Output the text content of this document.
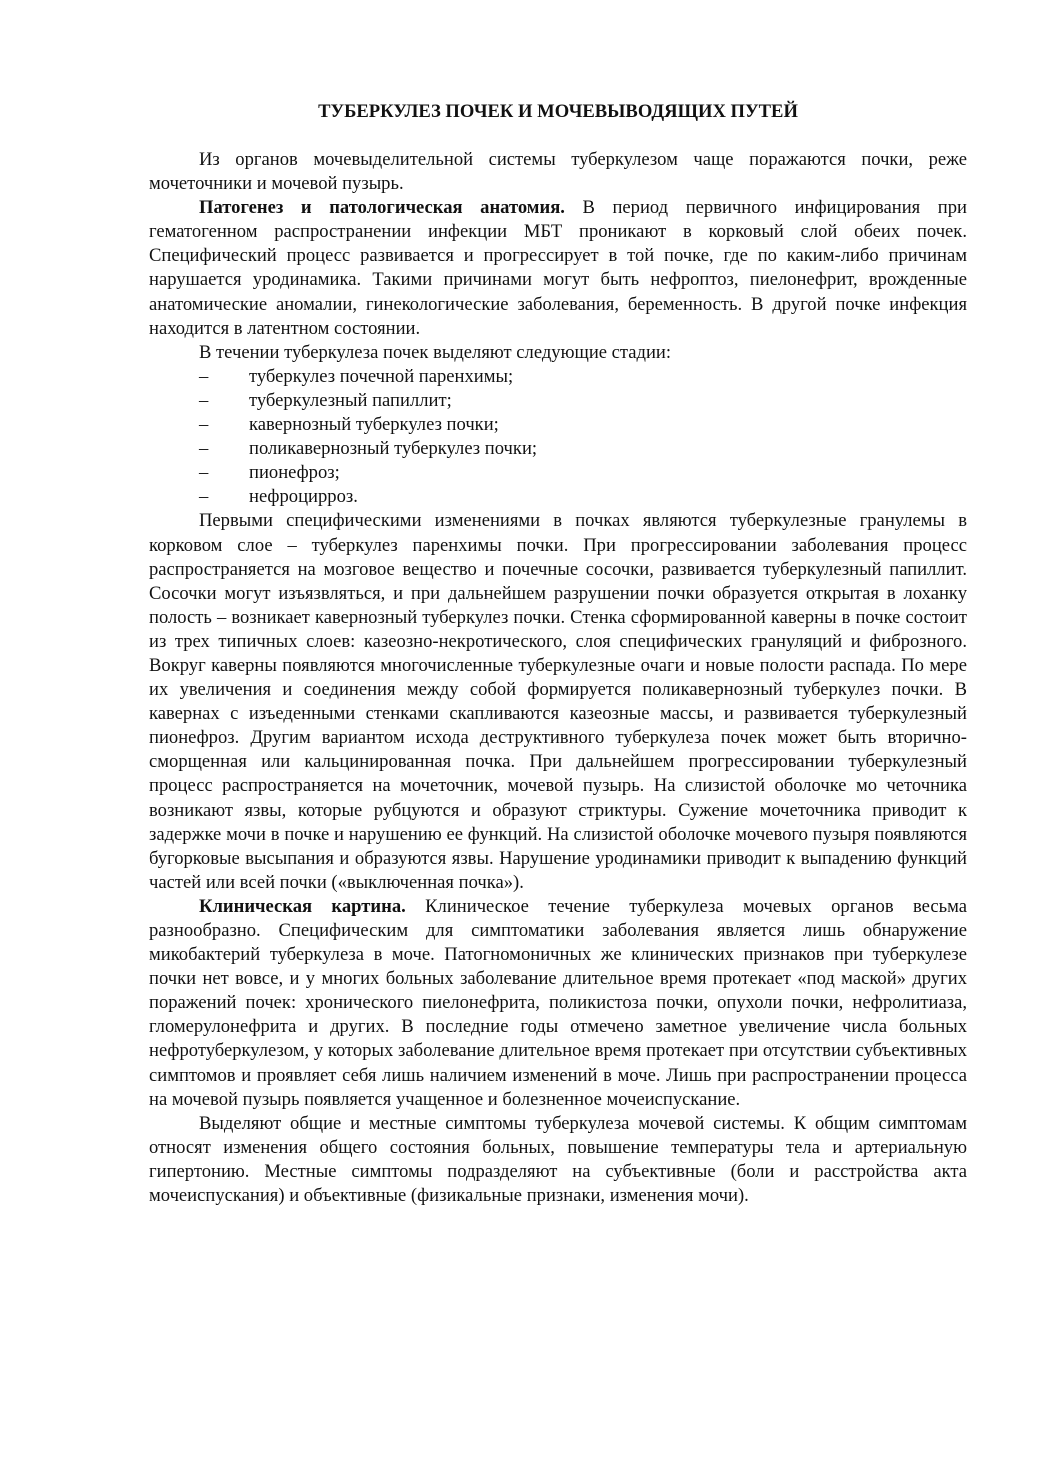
ТУБЕРКУЛЕЗ ПОЧЕК И МОЧЕВЫВОДЯЩИХ ПУТЕЙ

Из органов мочевыделительной системы туберкулезом чаще поражаются почки, реже мочеточники и мочевой пузырь.

Патогенез и патологическая анатомия. В период первичного инфицирования при гематогенном распространении инфекции МБТ проникают в корковый слой обеих почек. Специфический процесс развивается и прогрессирует в той почке, где по каким-либо причинам нарушается уродинамика. Такими причинами могут быть нефроптоз, пиелонефрит, врожденные анатомические аномалии, гинекологические заболевания, беременность. В другой почке инфекция находится в латентном состоянии.

В течении туберкулеза почек выделяют следующие стадии:

– туберкулез почечной паренхимы;
– туберкулезный папиллит;
– кавернозный туберкулез почки;
– поликавернозный туберкулез почки;
– пионефроз;
– нефроцирроз.

Первыми специфическими изменениями в почках являются туберкулезные гранулемы в корковом слое – туберкулез паренхимы почки. При прогрессировании заболевания процесс распространяется на мозговое вещество и почечные сосочки, развивается туберкулезный папиллит. Сосочки могут изъязвляться, и при дальнейшем разрушении почки образуется открытая в лоханку полость – возникает кавернозный туберкулез почки. Стенка сформированной каверны в почке состоит из трех типичных слоев: казеозно-некротического, слоя специфических грануляций и фиброзного. Вокруг каверны появляются многочисленные туберкулезные очаги и новые полости распада. По мере их увеличения и соединения между собой формируется поликавернозный туберкулез почки. В кавернах с изъеденными стенками скапливаются казеозные массы, и развивается туберкулезный пионефроз. Другим вариантом исхода деструктивного туберкулеза почек может быть вторично-сморщенная или кальцинированная почка. При дальнейшем прогрессировании туберкулезный процесс распространяется на мочеточник, мочевой пузырь. На слизистой оболочке мо четочника возникают язвы, которые рубцуются и образуют стриктуры. Сужение мочеточника приводит к задержке мочи в почке и нарушению ее функций. На слизистой оболочке мочевого пузыря появляются бугорковые высыпания и образуются язвы. Нарушение уродинамики приводит к выпадению функций частей или всей почки («выключенная почка»).

Клиническая картина. Клиническое течение туберкулеза мочевых органов весьма разнообразно. Специфическим для симптоматики заболевания является лишь обнаружение микобактерий туберкулеза в моче. Патогномоничных же клинических признаков при туберкулезе почки нет вовсе, и у многих больных заболевание длительное время протекает «под маской» других поражений почек: хронического пиелонефрита, поликистоза почки, опухоли почки, нефролитиаза, гломерулонефрита и других. В последние годы отмечено заметное увеличение числа больных нефротуберкулезом, у которых заболевание длительное время протекает при отсутствии субъективных симптомов и проявляет себя лишь наличием изменений в моче. Лишь при распространении процесса на мочевой пузырь появляется учащенное и болезненное мочеиспускание.

Выделяют общие и местные симптомы туберкулеза мочевой системы. К общим симптомам относят изменения общего состояния больных, повышение температуры тела и артериальную гипертонию. Местные симптомы подразделяют на субъективные (боли и расстройства акта мочеиспускания) и объективные (физикальные признаки, изменения мочи).
